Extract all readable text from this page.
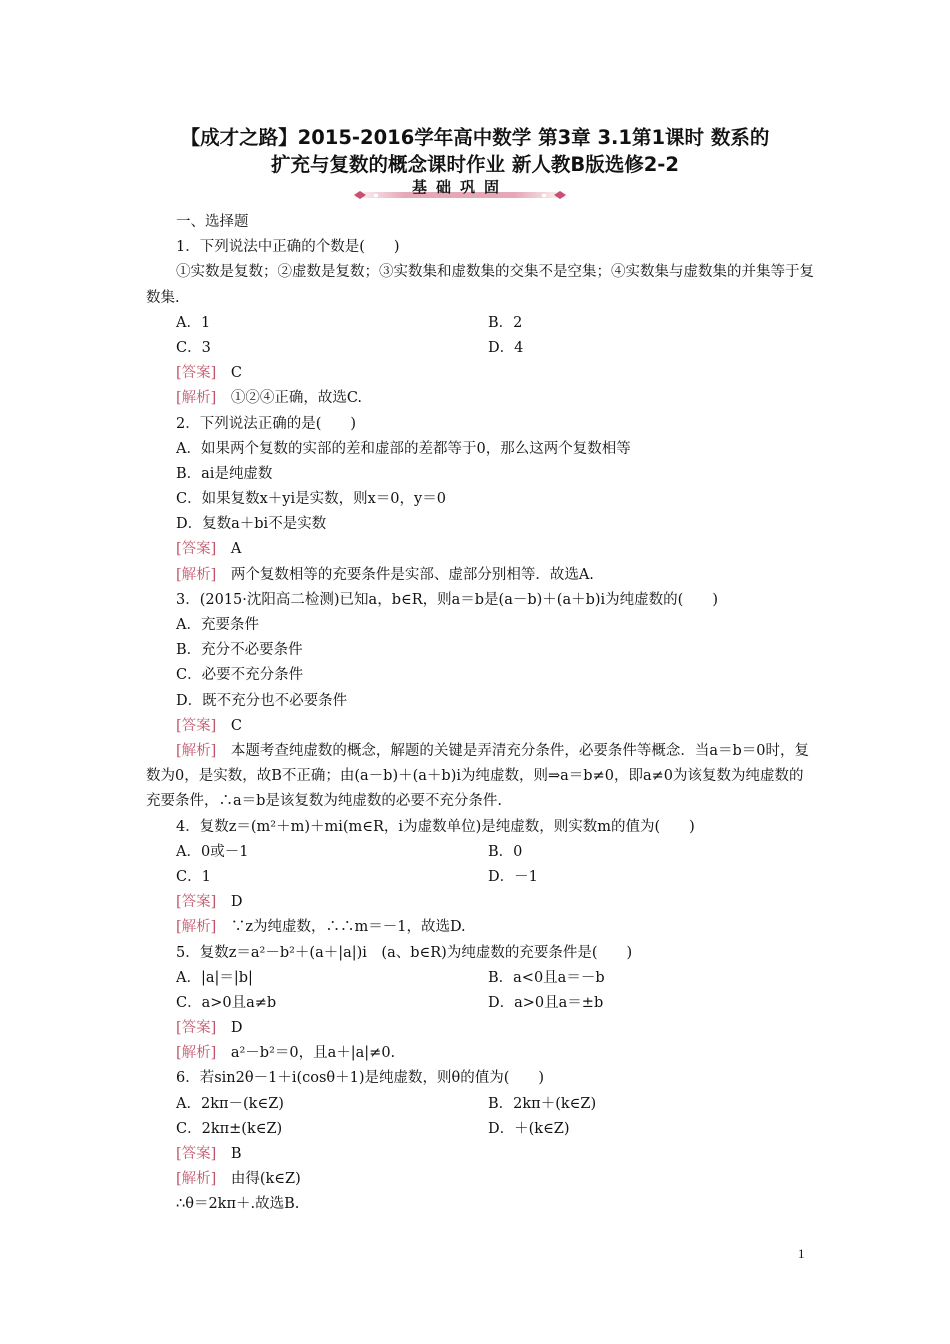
【成才之路】2015-2016学年高中数学 第3章 3.1第1课时 数系的
扩充与复数的概念课时作业 新人教B版选修2-2
基础巩固
一、选择题
1．下列说法中正确的个数是(　　)
①实数是复数；②虚数是复数；③实数集和虚数集的交集不是空集；④实数集与虚数集的并集等于复数集.
A．1	B．2
C．3	D．4
[答案]　 C
[解析]　 ①②④正确，故选C.
2．下列说法正确的是(　　)
A．如果两个复数的实部的差和虚部的差都等于0，那么这两个复数相等
B．ai是纯虚数
C．如果复数x＋yi是实数，则x＝0，y＝0
D．复数a＋bi不是实数
[答案]　 A
[解析]　 两个复数相等的充要条件是实部、虚部分别相等．故选A.
3．(2015·沈阳高二检测)已知a，b∈R，则a＝b是(a－b)＋(a＋b)i为纯虚数的(　　)
A．充要条件
B．充分不必要条件
C．必要不充分条件
D．既不充分也不必要条件
[答案]　 C
[解析]　 本题考查纯虚数的概念，解题的关键是弄清充分条件，必要条件等概念．当a＝b＝0时，复数为0，是实数，故B不正确；由(a－b)＋(a＋b)i为纯虚数，则⇒a＝b≠0，即a≠0为该复数为纯虚数的充要条件，∴a＝b是该复数为纯虚数的必要不充分条件.
4．复数z＝(m²＋m)＋mi(m∈R，i为虚数单位)是纯虚数，则实数m的值为(　　)
A．0或－1	B．0
C．1	D．－1
[答案]　 D
[解析]　 ∵z为纯虚数，∴∴m＝－1，故选D.
5．复数z＝a²－b²＋(a＋|a|)i　(a、b∈R)为纯虚数的充要条件是(　　)
A．|a|＝|b|	B．a<0且a＝－b
C．a>0且a≠b	D．a>0且a＝±b
[答案]　 D
[解析]　 a²－b²＝0，且a＋|a|≠0.
6．若sin2θ－1＋i(cosθ＋1)是纯虚数，则θ的值为(　　)
A．2kπ－(k∈Z)	B．2kπ＋(k∈Z)
C．2kπ±(k∈Z)	D．＋(k∈Z)
[答案]　 B
[解析]　 由得(k∈Z)
∴θ＝2kπ＋.故选B.
1
